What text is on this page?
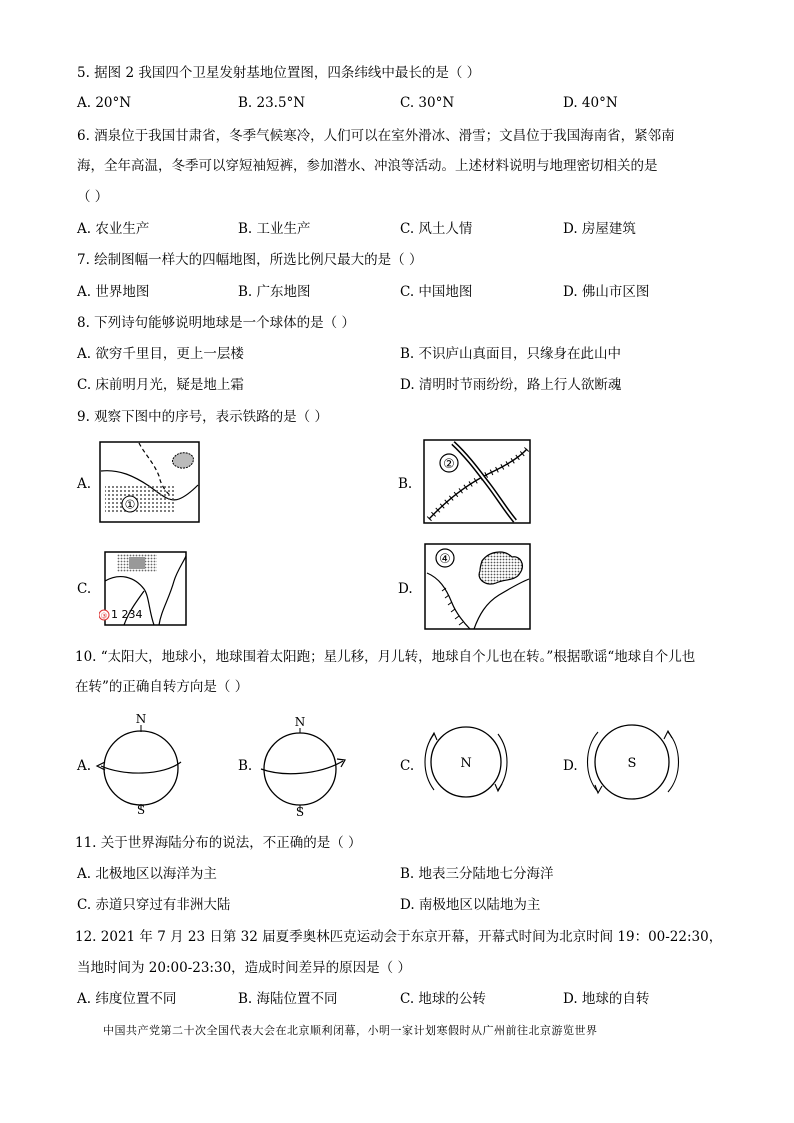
5. 据图 2 我国四个卫星发射基地位置图，四条纬线中最长的是（ ）
A. 20°N	B. 23.5°N	C. 30°N	D. 40°N
6. 酒泉位于我国甘肃省，冬季气候寒冷，人们可以在室外滑冰、滑雪；文昌位于我国海南省，紧邻南
海，全年高温，冬季可以穿短袖短裤，参加潜水、冲浪等活动。上述材料说明与地理密切相关的是
（ ）
A. 农业生产	B. 工业生产	C. 风土人情	D. 房屋建筑
7. 绘制图幅一样大的四幅地图，所选比例尺最大的是（ ）
A. 世界地图	B. 广东地图	C. 中国地图	D. 佛山市区图
8. 下列诗句能够说明地球是一个球体的是（ ）
A. 欲穷千里目，更上一层楼	B. 不识庐山真面目，只缘身在此山中
C. 床前明月光，疑是地上霜	D. 清明时节雨纷纷，路上行人欲断魂
9. 观察下图中的序号，表示铁路的是（ ）
A.
①
B.
②
C.
③ 1 234
D.
④
10. “太阳大，地球小，地球围着太阳跑；星儿移，月儿转，地球自个儿也在转。”根据歌谣“地球自个儿也
在转”的正确自转方向是（ ）
A.
N
S
B.
N
S
C.	N	D.	S
11. 关于世界海陆分布的说法，不正确的是（ ）
A. 北极地区以海洋为主	B. 地表三分陆地七分海洋
C. 赤道只穿过有非洲大陆	D. 南极地区以陆地为主
12. 2021 年 7 月 23 日第 32 届夏季奥林匹克运动会于东京开幕，开幕式时间为北京时间 19：00-22:30，
当地时间为 20:00-23:30，造成时间差异的原因是（ ）
A. 纬度位置不同	B. 海陆位置不同	C. 地球的公转	D. 地球的自转
中国共产党第二十次全国代表大会在北京顺利闭幕，小明一家计划寒假时从广州前往北京游览世界
